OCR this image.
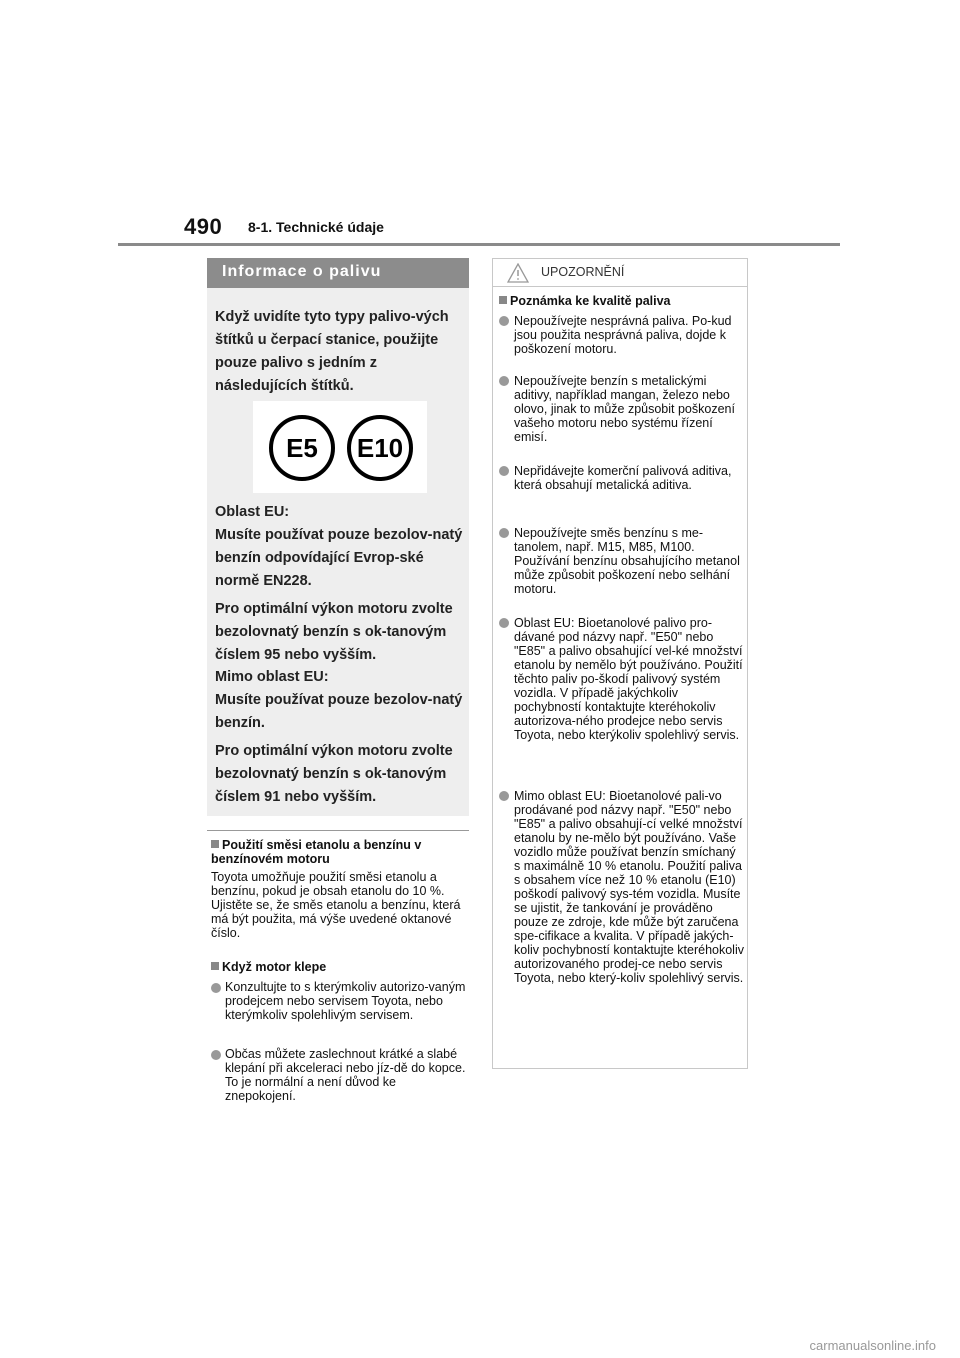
490 8-1. Technické údaje
Informace o palivu
Když uvidíte tyto typy palivo-vých štítků u čerpací stanice, použijte pouze palivo s jedním z následujících štítků.
E5	E10
Oblast EU:
Musíte používat pouze bezolov-natý benzín odpovídající Evrop-ské normě EN228.
Pro optimální výkon motoru zvolte bezolovnatý benzín s ok-tanovým číslem 95 nebo vyšším.
Mimo oblast EU:
Musíte používat pouze bezolov-natý benzín.
Pro optimální výkon motoru zvolte bezolovnatý benzín s ok-tanovým číslem 91 nebo vyšším.
Použití směsi etanolu a benzínu v benzínovém motoru
Toyota umožňuje použití směsi etanolu a benzínu, pokud je obsah etanolu do 10 %. Ujistěte se, že směs etanolu a benzínu, která má být použita, má výše uvedené oktanové číslo.
Když motor klepe
Konzultujte to s kterýmkoliv autorizo-vaným prodejcem nebo servisem Toyota, nebo kterýmkoliv spolehlivým servisem.
Občas můžete zaslechnout krátké a slabé klepání při akceleraci nebo jíz-dě do kopce. To je normální a není důvod ke znepokojení.
UPOZORNĚNÍ
Poznámka ke kvalitě paliva
Nepoužívejte nesprávná paliva. Po-kud jsou použita nesprávná paliva, dojde k poškození motoru.
Nepoužívejte benzín s metalickými aditivy, například mangan, železo nebo olovo, jinak to může způsobit poškození vašeho motoru nebo systému řízení emisí.
Nepřidávejte komerční palivová aditiva, která obsahují metalická aditiva.
Nepoužívejte směs benzínu s me-tanolem, např. M15, M85, M100. Používání benzínu obsahujícího metanol může způsobit poškození nebo selhání motoru.
Oblast EU: Bioetanolové palivo pro-dávané pod názvy např. "E50" nebo "E85" a palivo obsahující vel-ké množství etanolu by nemělo být používáno. Použití těchto paliv po-škodí palivový systém vozidla. V případě jakýchkoliv pochybností kontaktujte kteréhokoliv autorizova-ného prodejce nebo servis Toyota, nebo kterýkoliv spolehlivý servis.
Mimo oblast EU: Bioetanolové pali-vo prodávané pod názvy např. "E50" nebo "E85" a palivo obsahují-cí velké množství etanolu by ne-mělo být používáno. Vaše vozidlo může používat benzín smíchaný s maximálně 10 % etanolu. Použití paliva s obsahem více než 10 % etanolu (E10) poškodí palivový sys-tém vozidla. Musíte se ujistit, že tankování je prováděno pouze ze zdroje, kde může být zaručena spe-cifikace a kvalita. V případě jakých-koliv pochybností kontaktujte kteréhokoliv autorizovaného prodej-ce nebo servis Toyota, nebo který-koliv spolehlivý servis.
carmanualsonline.info
